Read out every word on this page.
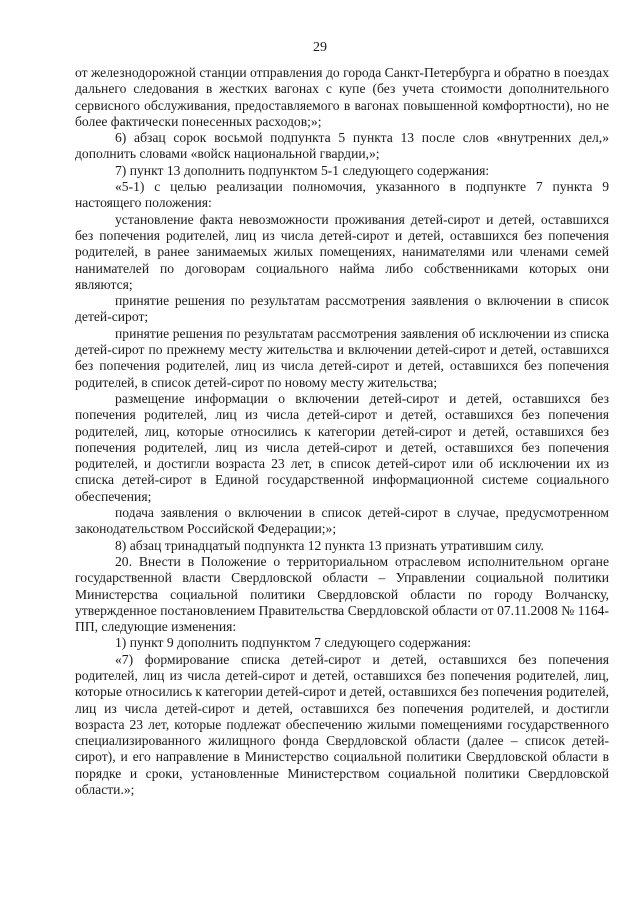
29

от железнодорожной станции отправления до города Санкт-Петербурга и обратно в поездах дальнего следования в жестких вагонах с купе (без учета стоимости дополнительного сервисного обслуживания, предоставляемого в вагонах повышенной комфортности), но не более фактически понесенных расходов;»;

6) абзац сорок восьмой подпункта 5 пункта 13 после слов «внутренних дел,» дополнить словами «войск национальной гвардии,»;

7) пункт 13 дополнить подпунктом 5-1 следующего содержания:

«5-1) с целью реализации полномочия, указанного в подпункте 7 пункта 9 настоящего положения:

установление факта невозможности проживания детей-сирот и детей, оставшихся без попечения родителей, лиц из числа детей-сирот и детей, оставшихся без попечения родителей, в ранее занимаемых жилых помещениях, нанимателями или членами семей нанимателей по договорам социального найма либо собственниками которых они являются;

принятие решения по результатам рассмотрения заявления о включении в список детей-сирот;

принятие решения по результатам рассмотрения заявления об исключении из списка детей-сирот по прежнему месту жительства и включении детей-сирот и детей, оставшихся без попечения родителей, лиц из числа детей-сирот и детей, оставшихся без попечения родителей, в список детей-сирот по новому месту жительства;

размещение информации о включении детей-сирот и детей, оставшихся без попечения родителей, лиц из числа детей-сирот и детей, оставшихся без попечения родителей, лиц, которые относились к категории детей-сирот и детей, оставшихся без попечения родителей, лиц из числа детей-сирот и детей, оставшихся без попечения родителей, и достигли возраста 23 лет, в список детей-сирот или об исключении их из списка детей-сирот в Единой государственной информационной системе социального обеспечения;

подача заявления о включении в список детей-сирот в случае, предусмотренном законодательством Российской Федерации;»;

8) абзац тринадцатый подпункта 12 пункта 13 признать утратившим силу.

20. Внести в Положение о территориальном отраслевом исполнительном органе государственной власти Свердловской области – Управлении социальной политики Министерства социальной политики Свердловской области по городу Волчанску, утвержденное постановлением Правительства Свердловской области от 07.11.2008 № 1164-ПП, следующие изменения:

1) пункт 9 дополнить подпунктом 7 следующего содержания:

«7) формирование списка детей-сирот и детей, оставшихся без попечения родителей, лиц из числа детей-сирот и детей, оставшихся без попечения родителей, лиц, которые относились к категории детей-сирот и детей, оставшихся без попечения родителей, лиц из числа детей-сирот и детей, оставшихся без попечения родителей, и достигли возраста 23 лет, которые подлежат обеспечению жилыми помещениями государственного специализированного жилищного фонда Свердловской области (далее – список детей-сирот), и его направление в Министерство социальной политики Свердловской области в порядке и сроки, установленные Министерством социальной политики Свердловской области.»;
